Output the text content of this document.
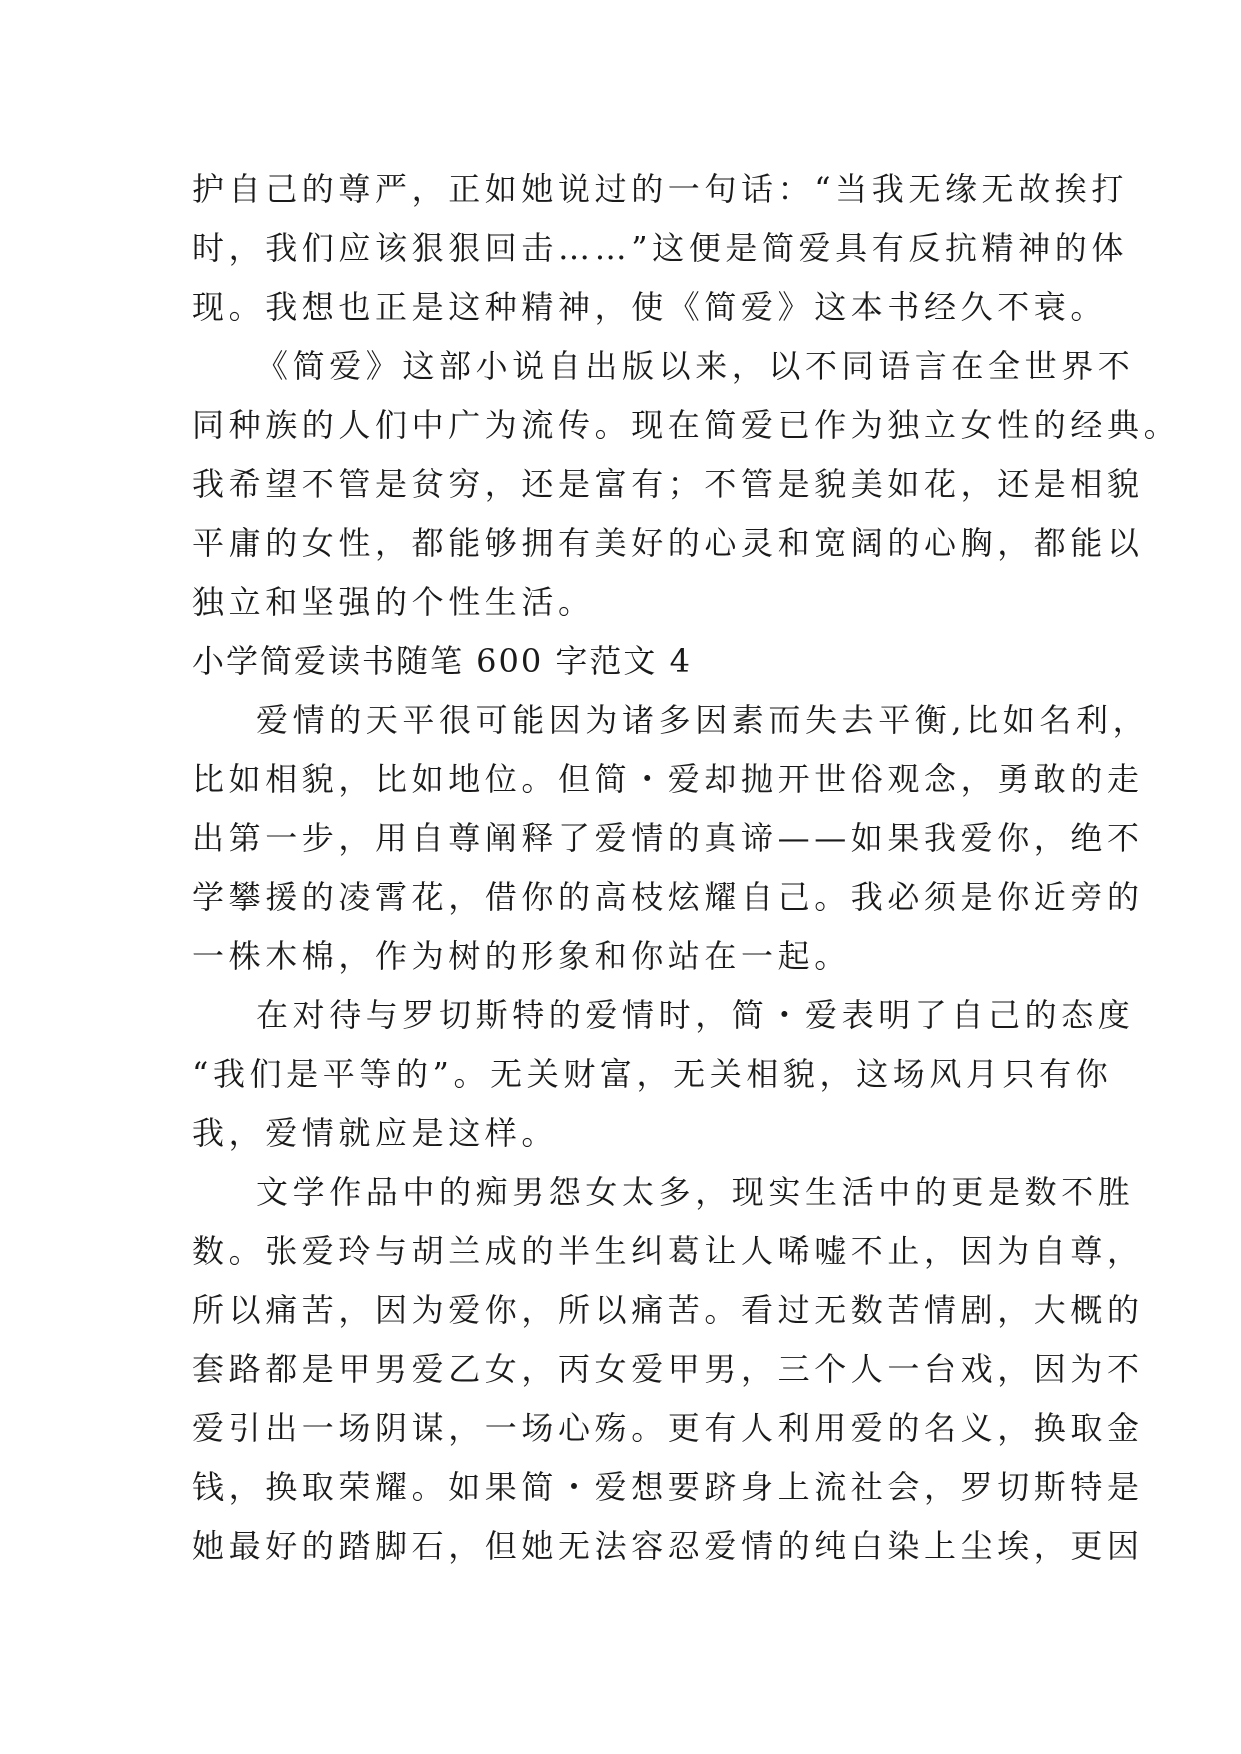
护自己的尊严，正如她说过的一句话：“当我无缘无故挨打
时，我们应该狠狠回击……”这便是简爱具有反抗精神的体
现。我想也正是这种精神，使《简爱》这本书经久不衰。
《简爱》这部小说自出版以来，以不同语言在全世界不
同种族的人们中广为流传。现在简爱已作为独立女性的经典。
我希望不管是贫穷，还是富有；不管是貌美如花，还是相貌
平庸的女性，都能够拥有美好的心灵和宽阔的心胸，都能以
独立和坚强的个性生活。
小学简爱读书随笔 600 字范文 4
爱情的天平很可能因为诸多因素而失去平衡,比如名利，
比如相貌，比如地位。但简・爱却抛开世俗观念，勇敢的走
出第一步，用自尊阐释了爱情的真谛——如果我爱你，绝不
学攀援的凌霄花，借你的高枝炫耀自己。我必须是你近旁的
一株木棉，作为树的形象和你站在一起。
在对待与罗切斯特的爱情时，简・爱表明了自己的态度
“我们是平等的”。无关财富，无关相貌，这场风月只有你
我，爱情就应是这样。
文学作品中的痴男怨女太多，现实生活中的更是数不胜
数。张爱玲与胡兰成的半生纠葛让人唏嘘不止，因为自尊，
所以痛苦，因为爱你，所以痛苦。看过无数苦情剧，大概的
套路都是甲男爱乙女，丙女爱甲男，三个人一台戏，因为不
爱引出一场阴谋，一场心殇。更有人利用爱的名义，换取金
钱，换取荣耀。如果简・爱想要跻身上流社会，罗切斯特是
她最好的踏脚石，但她无法容忍爱情的纯白染上尘埃，更因
